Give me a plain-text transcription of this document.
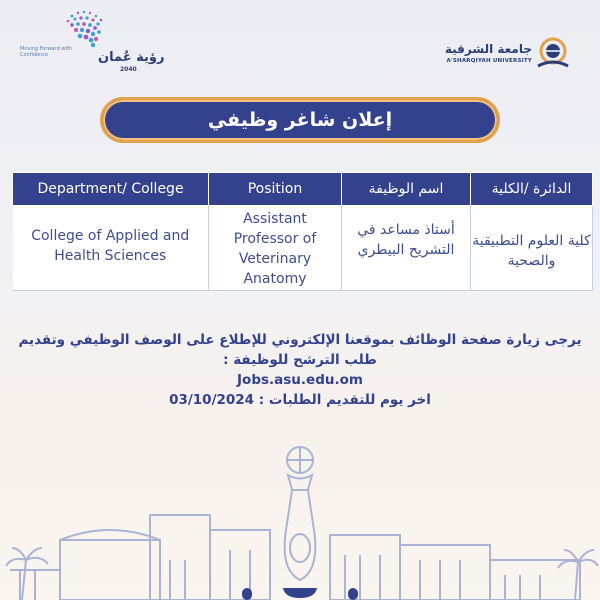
Moving Forward with Confidence	رؤية عُمان
2040
جامعة الشرقية
A'SHARQIYAH UNIVERSITY
إعلان شاغر وظيفي
Department/ College	Position	اسم الوظيفة	الدائرة /الكلية
College of Applied and Health Sciences	Assistant Professor of Veterinary Anatomy	أستاذ مساعد في التشريح البيطري	كلية العلوم التطبيقية والصحية
يرجى زيارة صفحة الوظائف بموقعنا الإلكتروني للإطلاع على الوصف الوظيفي وتقديم طلب الترشح للوظيفة :
Jobs.asu.edu.om
اخر يوم للتقديم الطلبات : 03/10/2024
